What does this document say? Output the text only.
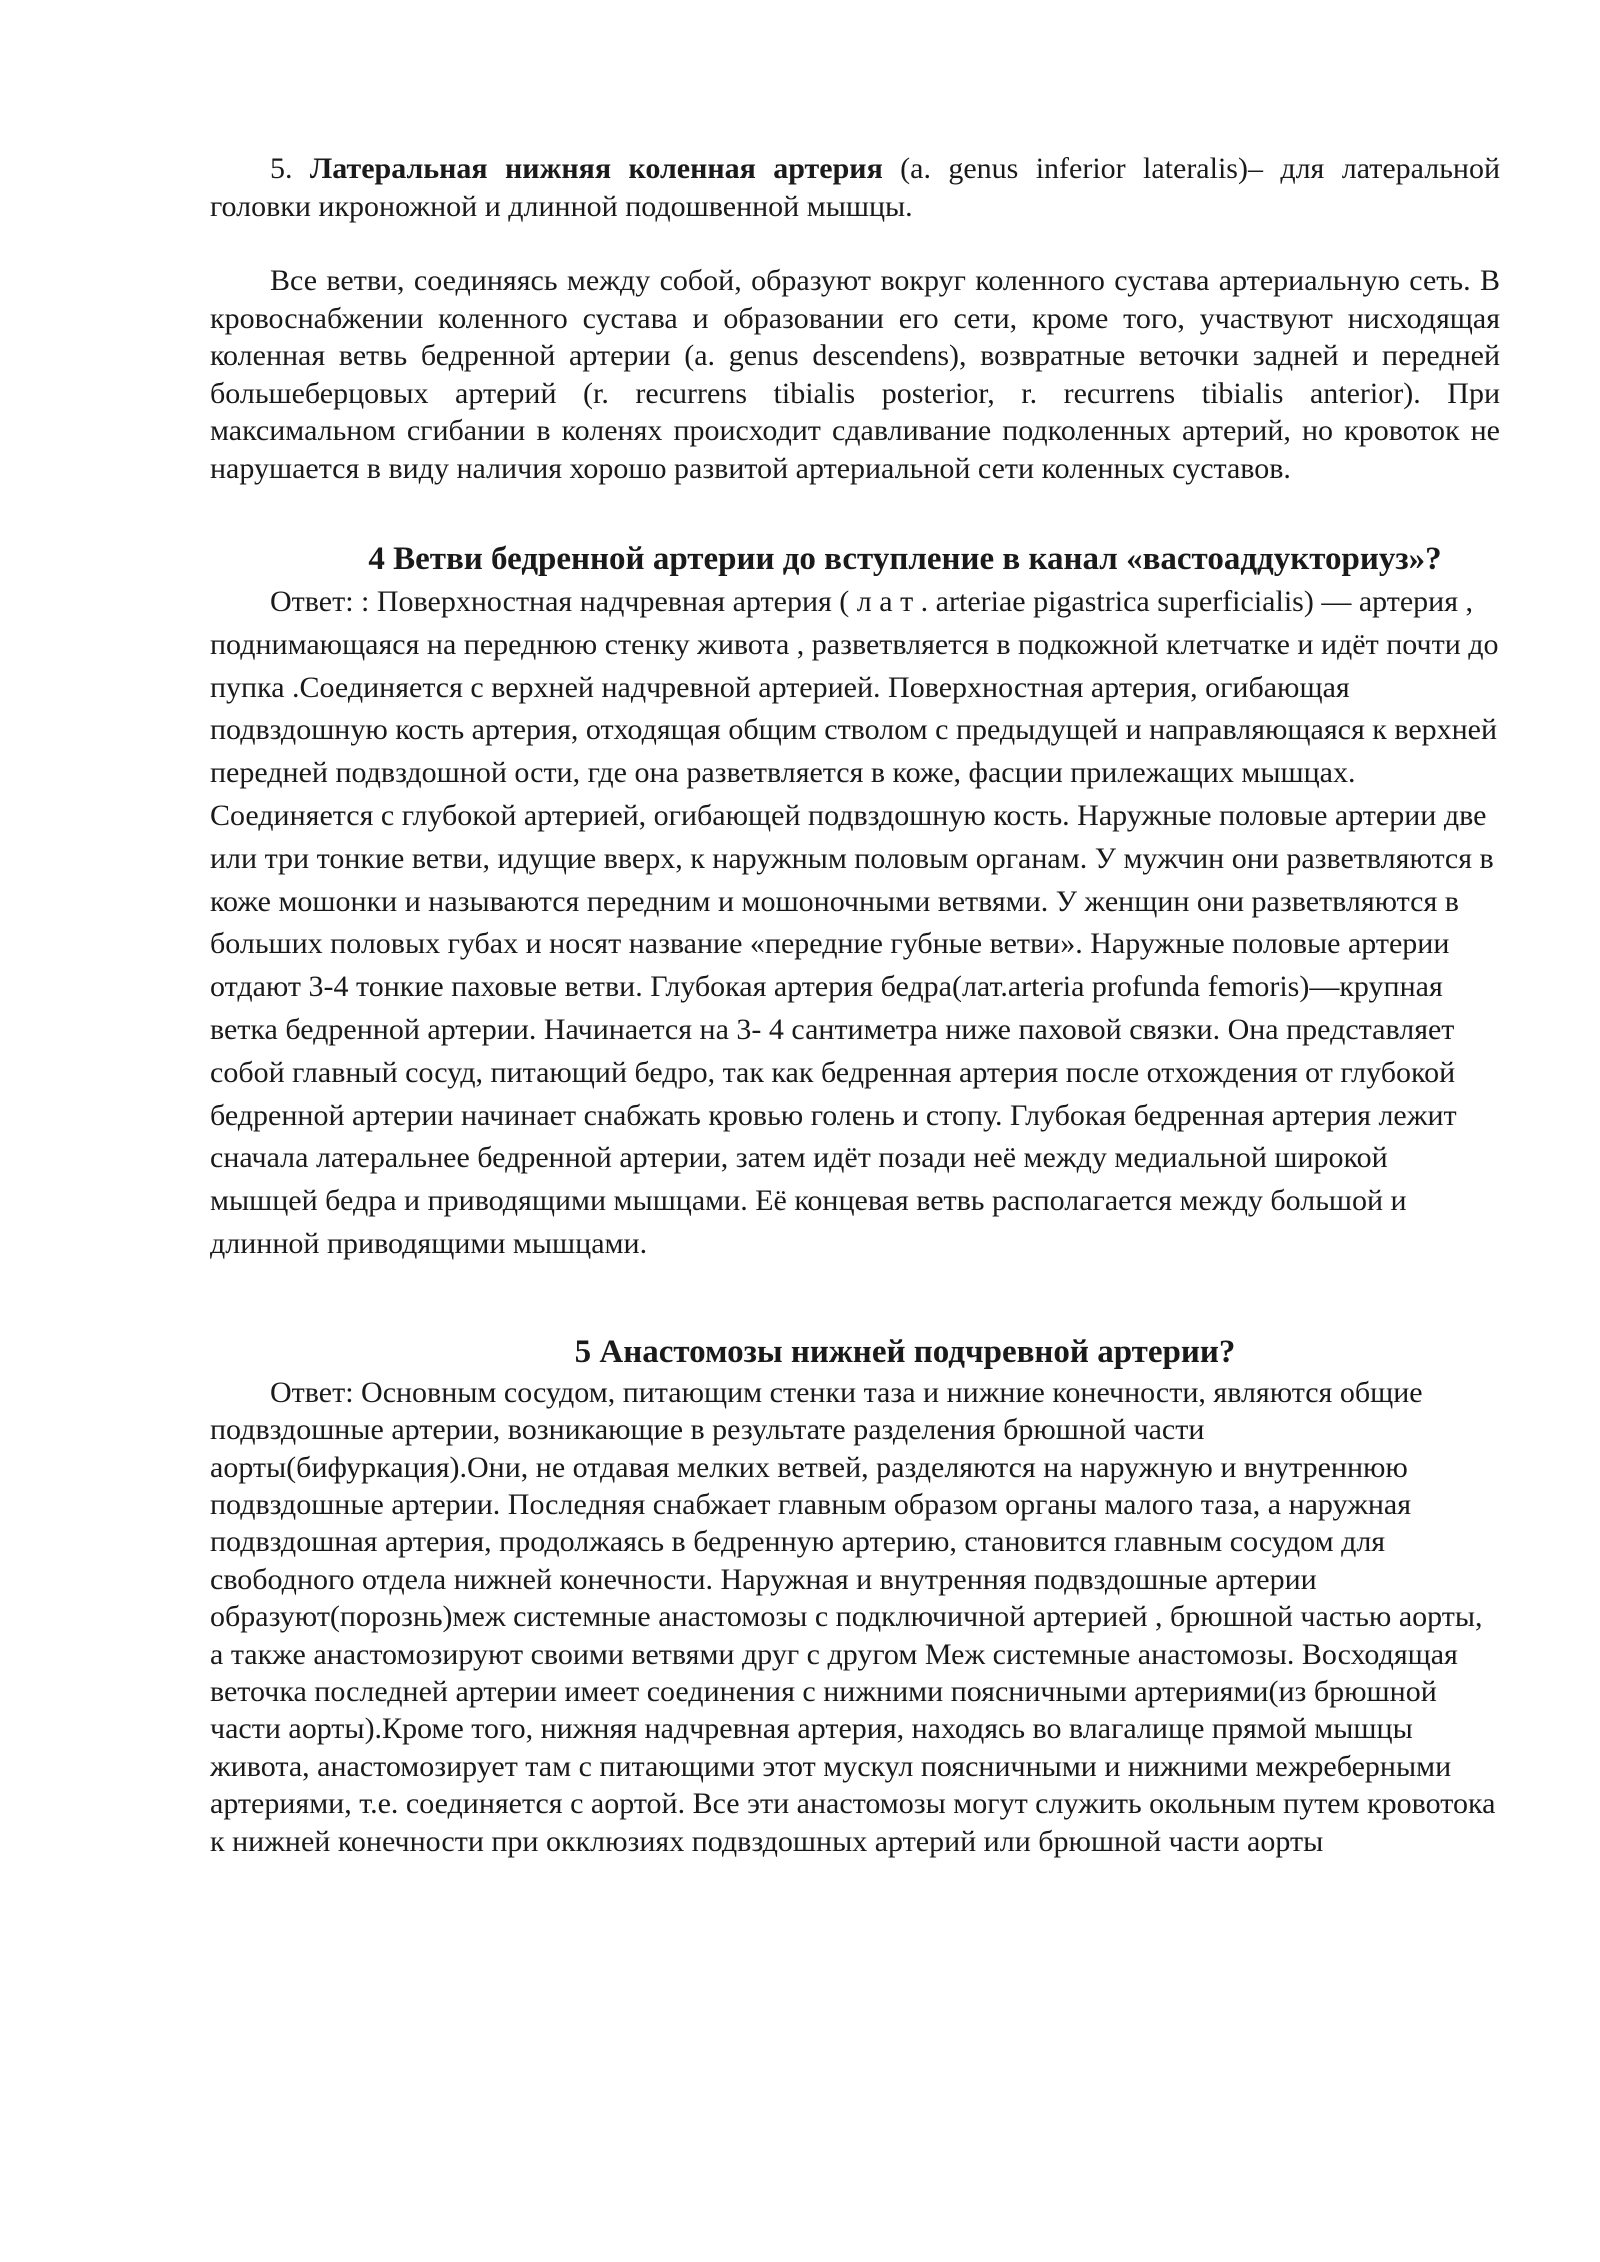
5. Латеральная нижняя коленная артерия (a. genus inferior lateralis)– для латеральной головки икроножной и длинной подошвенной мышцы.

Все ветви, соединяясь между собой, образуют вокруг коленного сустава артериальную сеть. В кровоснабжении коленного сустава и образовании его сети, кроме того, участвуют нисходящая коленная ветвь бедренной артерии (a. genus descendens), возвратные веточки задней и передней большеберцовых артерий (r. recurrens tibialis posterior, r. recurrens tibialis anterior). При максимальном сгибании в коленях происходит сдавливание подколенных артерий, но кровоток не нарушается в виду наличия хорошо развитой артериальной сети коленных суставов.

4 Ветви бедренной артерии до вступление в канал «вастоаддукториуз»?

Ответ: : Поверхностная надчревная артерия ( л а т . arteriae pigastrica superficialis) — артерия , поднимающаяся на переднюю стенку живота , разветвляется в подкожной клетчатке и идёт почти до пупка .Соединяется с верхней надчревной артерией. Поверхностная артерия, огибающая подвздошную кость артерия, отходящая общим стволом с предыдущей и направляющаяся к верхней передней подвздошной ости, где она разветвляется в коже, фасции прилежащих мышцах. Соединяется с глубокой артерией, огибающей подвздошную кость. Наружные половые артерии две или три тонкие ветви, идущие вверх, к наружным половым органам. У мужчин они разветвляются в коже мошонки и называются передним и мошоночными ветвями. У женщин они разветвляются в больших половых губах и носят название «передние губные ветви». Наружные половые артерии отдают 3-4 тонкие паховые ветви. Глубокая артерия бедра(лат.arteria profunda femoris)—крупная ветка бедренной артерии. Начинается на 3- 4 сантиметра ниже паховой связки. Она представляет собой главный сосуд, питающий бедро, так как бедренная артерия после отхождения от глубокой бедренной артерии начинает снабжать кровью голень и стопу. Глубокая бедренная артерия лежит сначала латеральнее бедренной артерии, затем идёт позади неё между медиальной широкой мышцей бедра и приводящими мышцами. Её концевая ветвь располагается между большой и длинной приводящими мышцами.

5 Анастомозы нижней подчревной артерии?

Ответ: Основным сосудом, питающим стенки таза и нижние конечности, являются общие подвздошные артерии, возникающие в результате разделения брюшной части аорты(бифуркация).Они, не отдавая мелких ветвей, разделяются на наружную и внутреннюю подвздошные артерии. Последняя снабжает главным образом органы малого таза, а наружная подвздошная артерия, продолжаясь в бедренную артерию, становится главным сосудом для свободного отдела нижней конечности. Наружная и внутренняя подвздошные артерии образуют(порознь)меж системные анастомозы с подключичной артерией , брюшной частью аорты, а также анастомозируют своими ветвями друг с другом Меж системные анастомозы. Восходящая веточка последней артерии имеет соединения с нижними поясничными артериями(из брюшной части аорты).Кроме того, нижняя надчревная артерия, находясь во влагалище прямой мышцы живота, анастомозирует там с питающими этот мускул поясничными и нижними межреберными артериями, т.е. соединяется с аортой. Все эти анастомозы могут служить окольным путем кровотока к нижней конечности при окклюзиях подвздошных артерий или брюшной части аорты
